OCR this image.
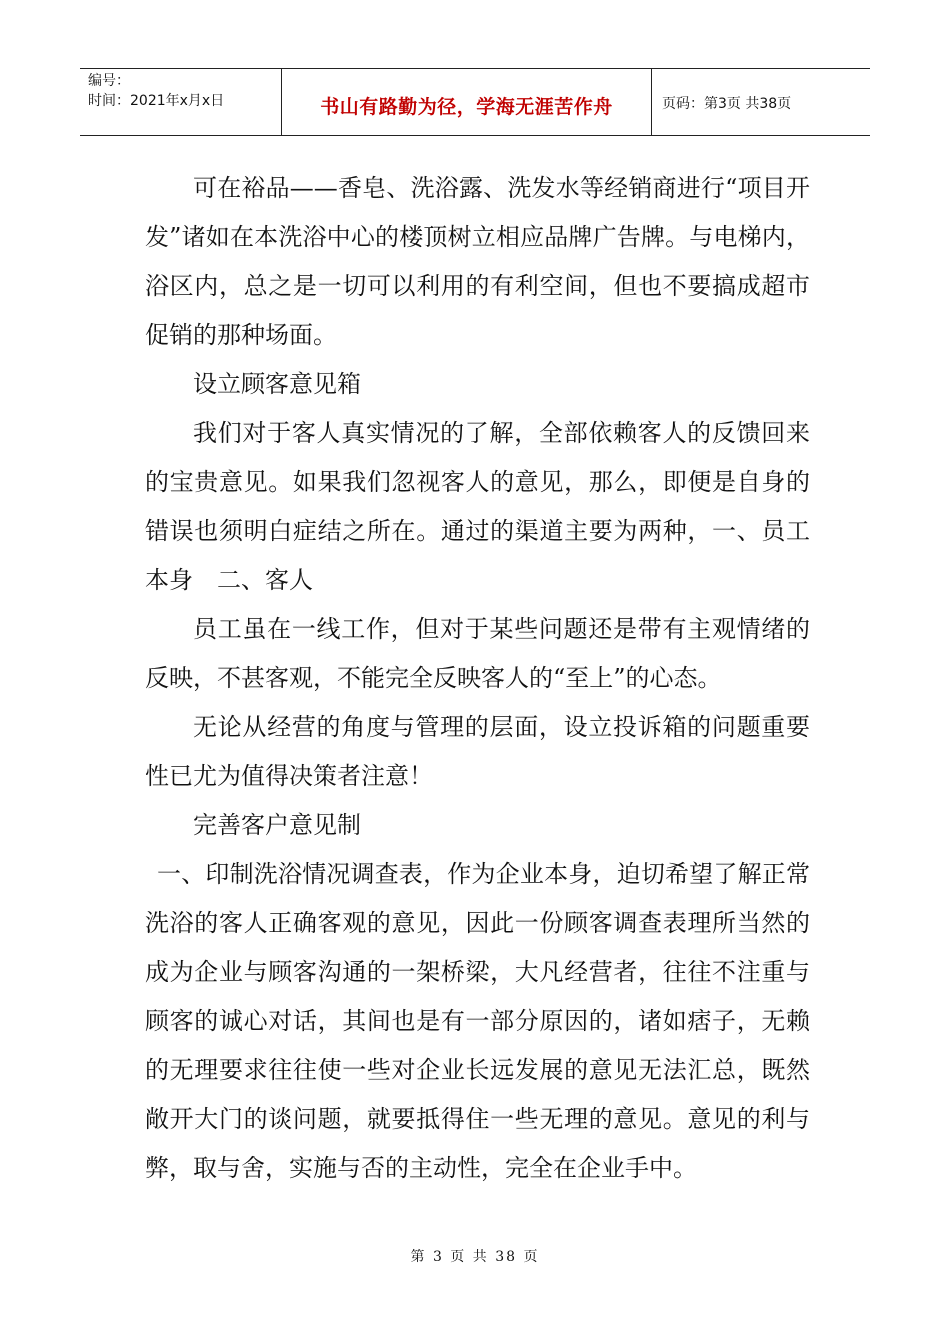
编号：
时间：2021年x月x日	书山有路勤为径，学海无涯苦作舟	页码：第3页 共38页

可在裕品——香皂、洗浴露、洗发水等经销商进行“项目开发”诸如在本洗浴中心的楼顶树立相应品牌广告牌。与电梯内，浴区内，总之是一切可以利用的有利空间，但也不要搞成超市促销的那种场面。

设立顾客意见箱

我们对于客人真实情况的了解，全部依赖客人的反馈回来的宝贵意见。如果我们忽视客人的意见，那么，即便是自身的错误也须明白症结之所在。通过的渠道主要为两种，一、员工本身　二、客人

员工虽在一线工作，但对于某些问题还是带有主观情绪的反映，不甚客观，不能完全反映客人的“至上”的心态。

无论从经营的角度与管理的层面，设立投诉箱的问题重要性已尤为值得决策者注意！

完善客户意见制

一、印制洗浴情况调查表，作为企业本身，迫切希望了解正常洗浴的客人正确客观的意见，因此一份顾客调查表理所当然的成为企业与顾客沟通的一架桥梁，大凡经营者，往往不注重与顾客的诚心对话，其间也是有一部分原因的，诸如痞子，无赖的无理要求往往使一些对企业长远发展的意见无法汇总，既然敞开大门的谈问题，就要抵得住一些无理的意见。意见的利与弊，取与舍，实施与否的主动性，完全在企业手中。

第 3 页 共 38 页
